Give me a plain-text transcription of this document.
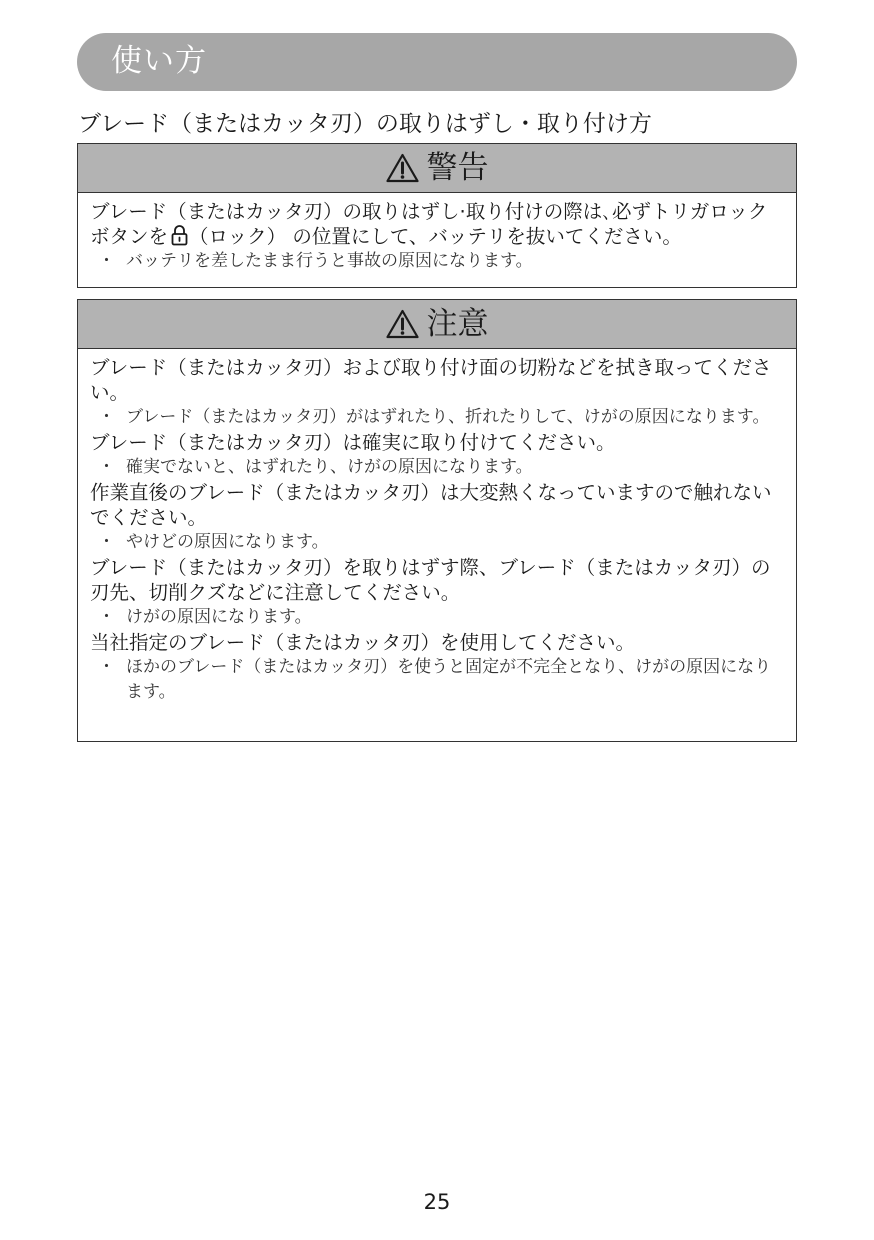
使い方
ブレード（またはカッタ刃）の取りはずし・取り付け方
警告
ブレード（またはカッタ刃）の取りはずし·取り付けの際は､必ずトリガロックボタンを （ロック） の位置にして、バッテリを抜いてください。
・ バッテリを差したまま行うと事故の原因になります。
注意
ブレード（またはカッタ刃）および取り付け面の切粉などを拭き取ってください。
・ ブレード（またはカッタ刃）がはずれたり、折れたりして、けがの原因になります。
ブレード（またはカッタ刃）は確実に取り付けてください。
・ 確実でないと、はずれたり、けがの原因になります。
作業直後のブレード（またはカッタ刃）は大変熱くなっていますので触れないでください。
・ やけどの原因になります。
ブレード（またはカッタ刃）を取りはずす際、ブレード（またはカッタ刃）の刃先、切削クズなどに注意してください。
・ けがの原因になります。
当社指定のブレード（またはカッタ刃）を使用してください。
・ ほかのブレード（またはカッタ刃）を使うと固定が不完全となり、けがの原因になります。
25
